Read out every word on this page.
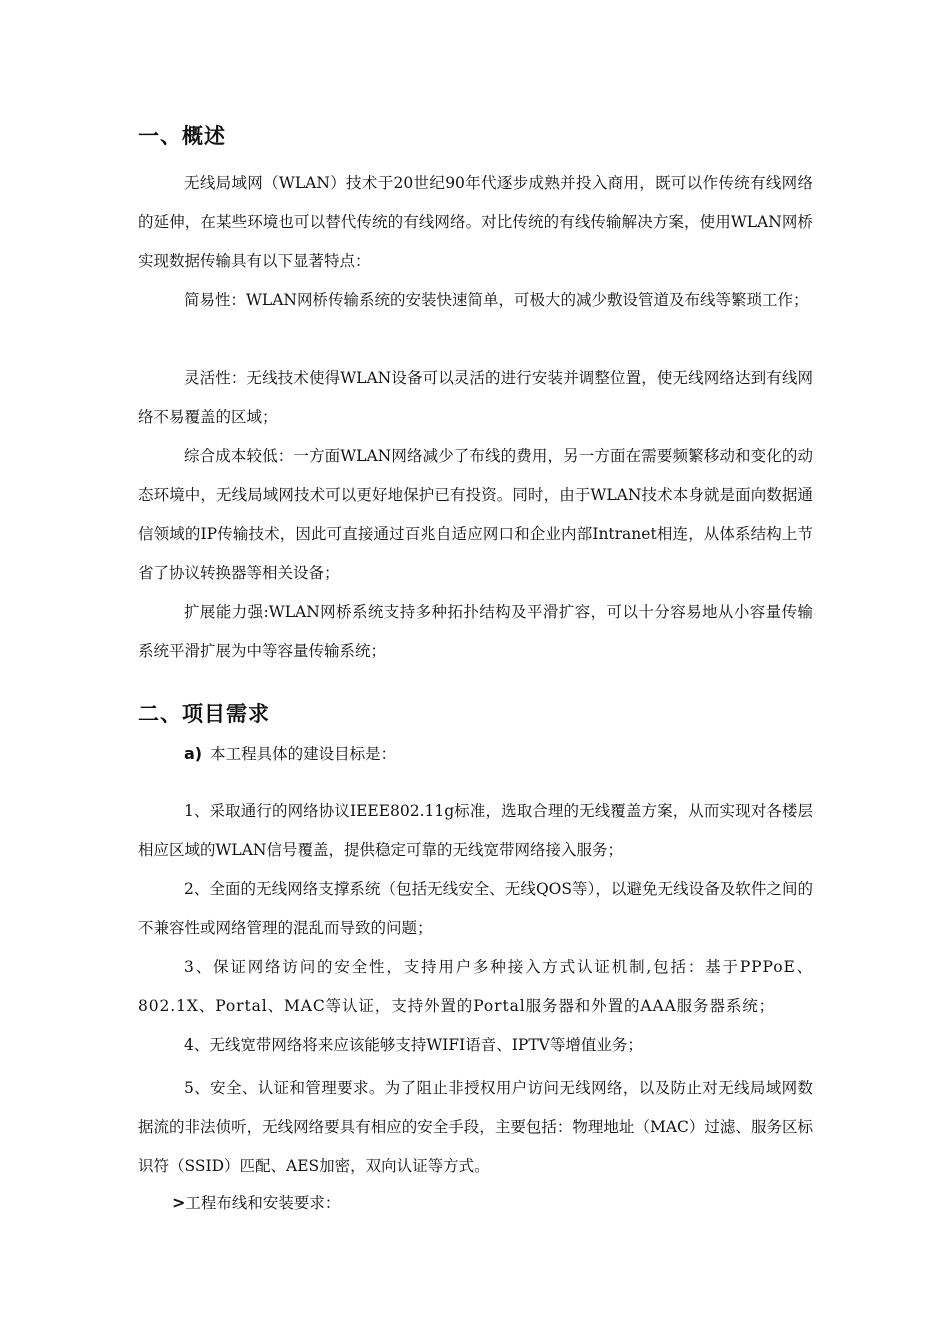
一、概述

无线局域网（WLAN）技术于20世纪90年代逐步成熟并投入商用，既可以作传统有线网络的延伸，在某些环境也可以替代传统的有线网络。对比传统的有线传输解决方案，使用WLAN网桥实现数据传输具有以下显著特点：

简易性：WLAN网桥传输系统的安装快速简单，可极大的减少敷设管道及布线等繁琐工作；

灵活性：无线技术使得WLAN设备可以灵活的进行安装并调整位置，使无线网络达到有线网络不易覆盖的区域；

综合成本较低：一方面WLAN网络减少了布线的费用，另一方面在需要频繁移动和变化的动态环境中，无线局域网技术可以更好地保护已有投资。同时，由于WLAN技术本身就是面向数据通信领域的IP传输技术，因此可直接通过百兆自适应网口和企业内部Intranet相连，从体系结构上节省了协议转换器等相关设备；

扩展能力强:WLAN网桥系统支持多种拓扑结构及平滑扩容，可以十分容易地从小容量传输系统平滑扩展为中等容量传输系统；

二、项目需求

a) 本工程具体的建设目标是：

1、采取通行的网络协议IEEE802.11g标准，选取合理的无线覆盖方案，从而实现对各楼层相应区域的WLAN信号覆盖，提供稳定可靠的无线宽带网络接入服务；

2、全面的无线网络支撑系统（包括无线安全、无线QOS等），以避免无线设备及软件之间的不兼容性或网络管理的混乱而导致的问题；

3、保证网络访问的安全性，支持用户多种接入方式认证机制,包括：基于PPPoE、802.1X、Portal、MAC等认证，支持外置的Portal服务器和外置的AAA服务器系统；

4、无线宽带网络将来应该能够支持WIFI语音、IPTV等增值业务；

5、安全、认证和管理要求。为了阻止非授权用户访问无线网络，以及防止对无线局域网数据流的非法侦听，无线网络要具有相应的安全手段，主要包括：物理地址（MAC）过滤、服务区标识符（SSID）匹配、AES加密，双向认证等方式。

>工程布线和安装要求：
